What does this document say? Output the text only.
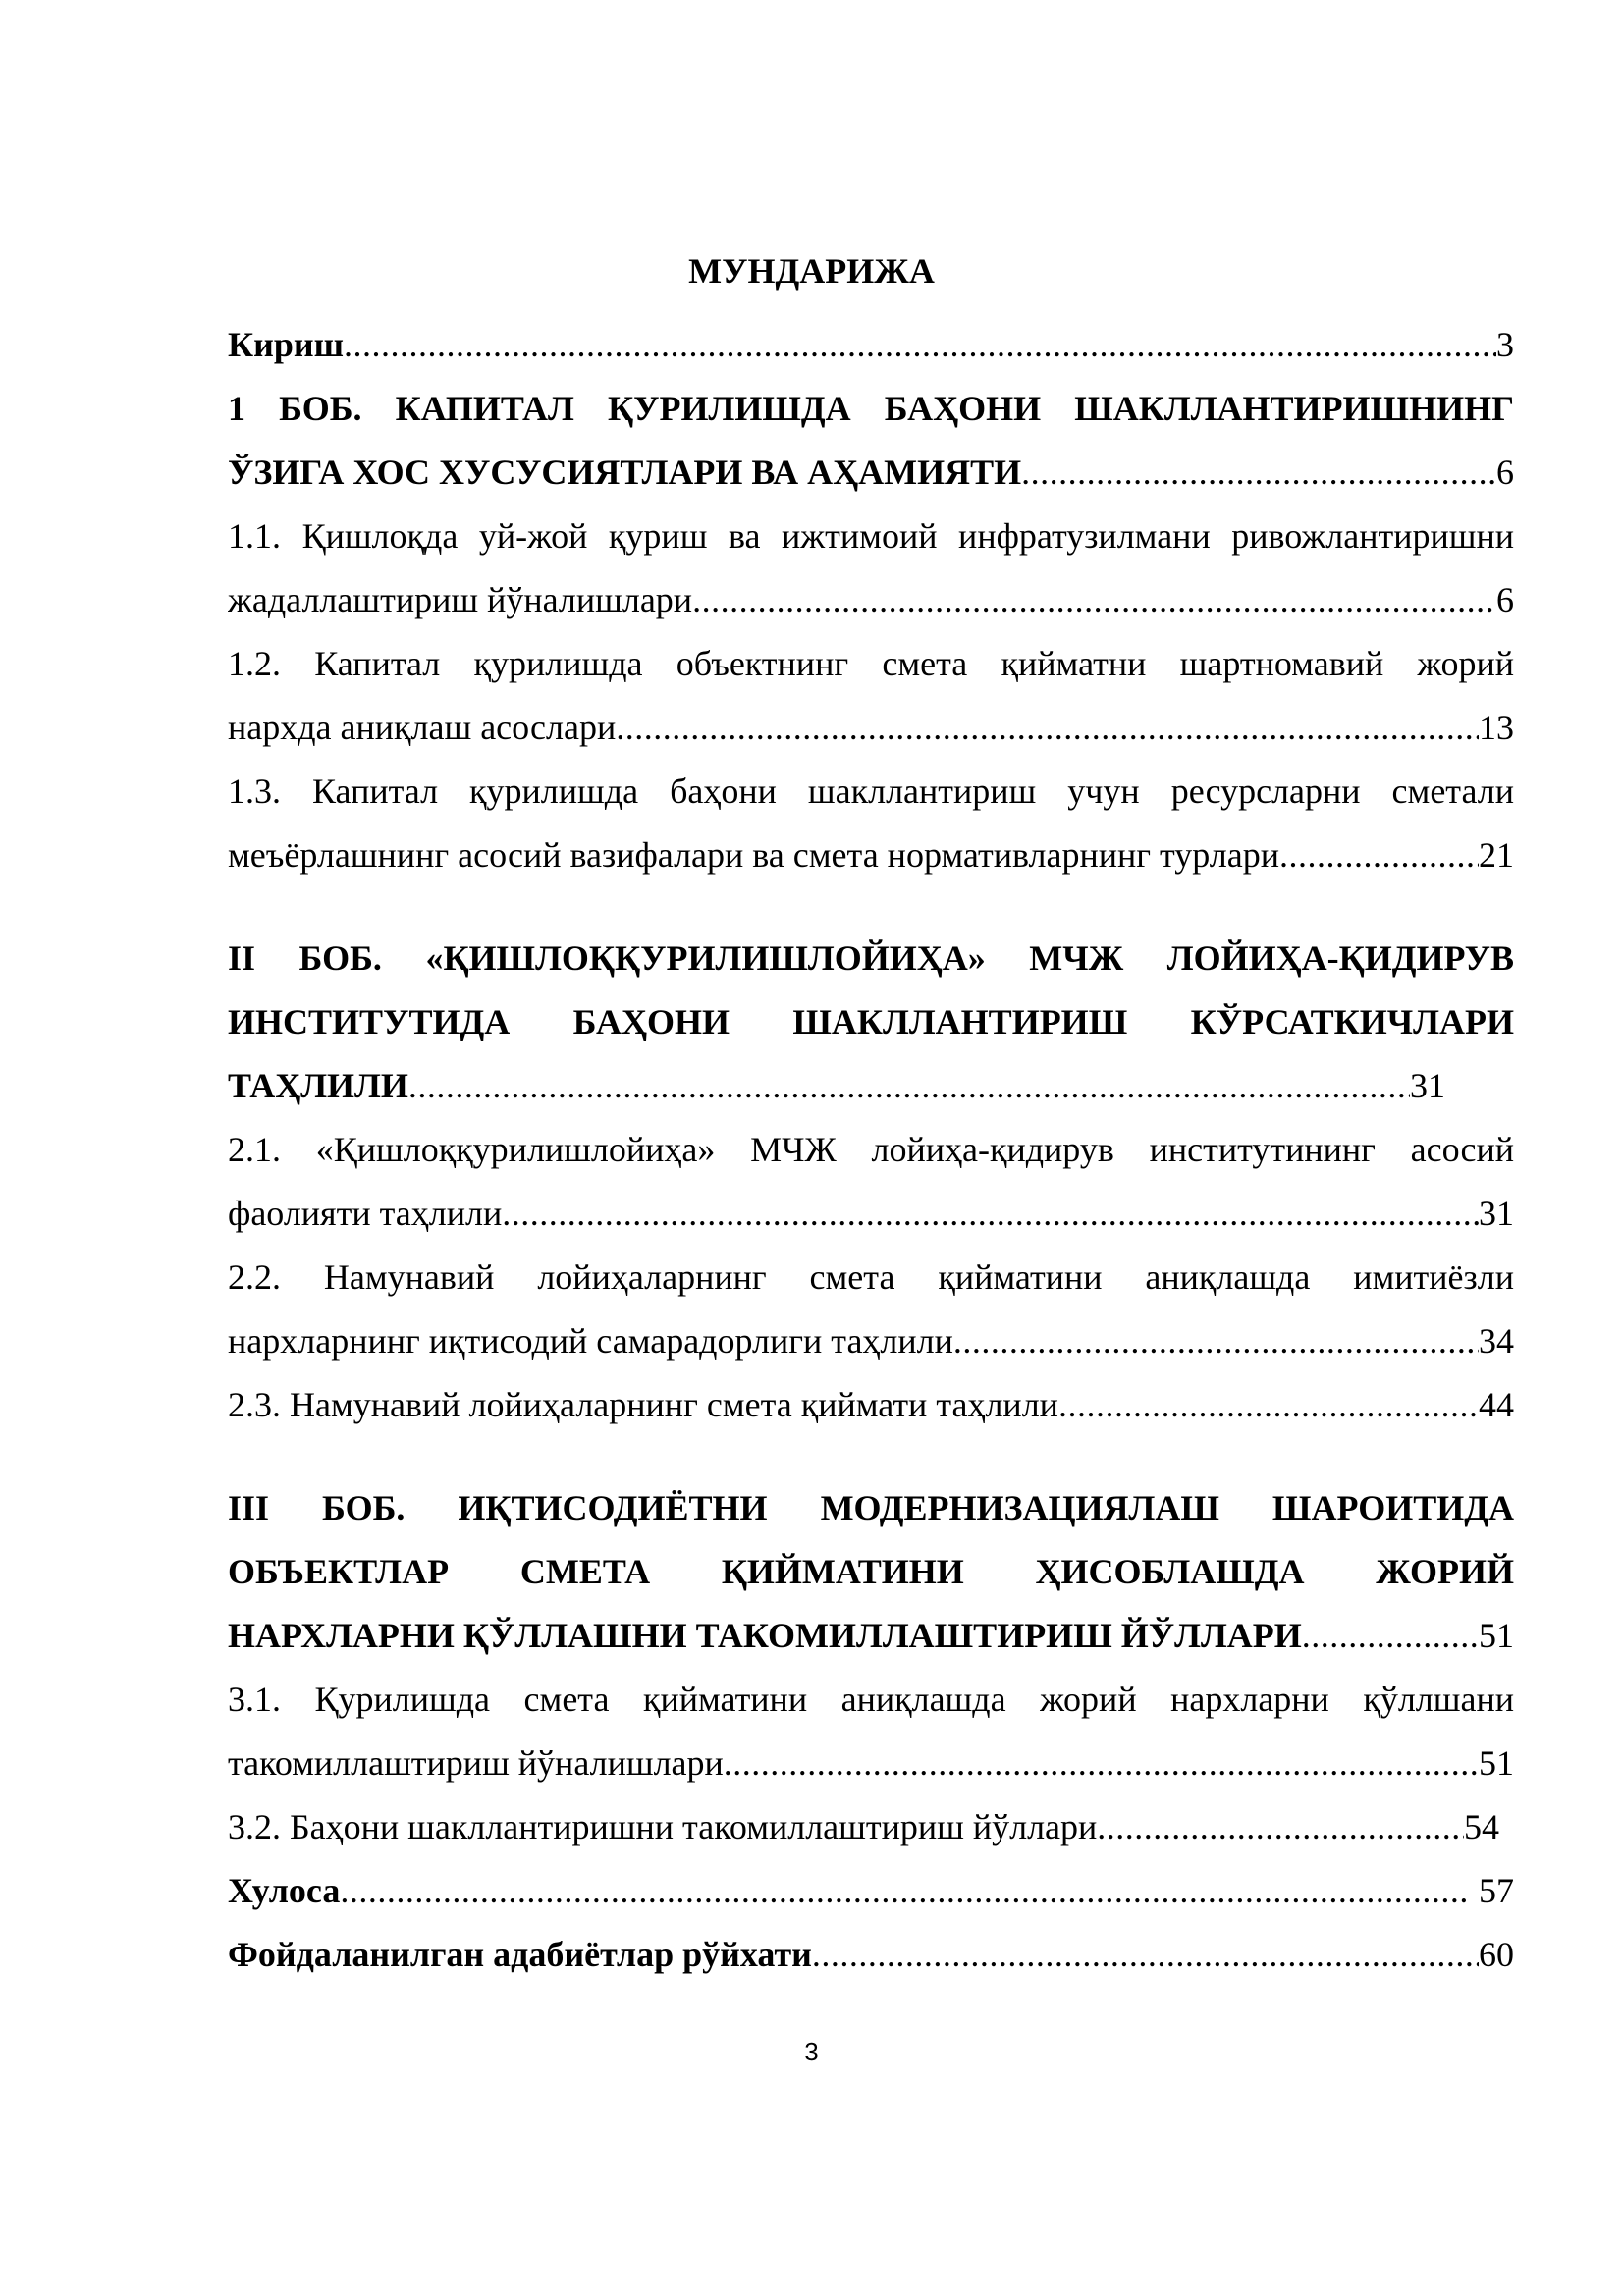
МУНДАРИЖА
Кириш .....	3
1 БОБ. КАПИТАЛ ҚУРИЛИШДА БАҲОНИ ШАКЛЛАНТИРИШНИНГ
ЎЗИГА ХОС ХУСУСИЯТЛАРИ ВА АҲАМИЯТИ .....	6
1.1. Қишлоқда уй-жой қуриш ва ижтимоий инфратузилмани ривожлантиришни
жадаллаштириш йўналишлари .....	6
1.2. Капитал қурилишда объектнинг смета қийматни шартномавий жорий
нархда аниқлаш асослари .....	13
1.3. Капитал қурилишда баҳони шакллантириш учун ресурсларни сметали
меъёрлашнинг асосий вазифалари ва смета нормативларнинг турлари .....	21
II БОБ. «ҚИШЛОҚҚУРИЛИШЛОЙИҲА» МЧЖ ЛОЙИҲА-ҚИДИРУВ
ИНСТИТУТИДА БАҲОНИ ШАКЛЛАНТИРИШ КЎРСАТКИЧЛАРИ
ТАҲЛИЛИ .....	31
2.1. «Қишлоққурилишлойиҳа» МЧЖ лойиҳа-қидирув институтининг асосий
фаолияти таҳлили .....	31
2.2. Намунавий лойиҳаларнинг смета қийматини аниқлашда имитиёзли
нархларнинг иқтисодий самарадорлиги таҳлили .....	34
2.3. Намунавий лойиҳаларнинг смета қиймати таҳлили .....	44
III БОБ. ИҚТИСОДИЁТНИ МОДЕРНИЗАЦИЯЛАШ ШАРОИТИДА
ОБЪЕКТЛАР СМЕТА ҚИЙМАТИНИ ҲИСОБЛАШДА ЖОРИЙ
НАРХЛАРНИ ҚЎЛЛАШНИ ТАКОМИЛЛАШТИРИШ ЙЎЛЛАРИ .....	51
3.1. Қурилишда смета қийматини аниқлашда жорий нархларни қўллшани
такомиллаштириш йўналишлари .....	51
3.2. Баҳони шакллантиришни такомиллаштириш йўллари .....	54
Хулоса .....	57
Фойдаланилган адабиётлар рўйхати .....	60
3
